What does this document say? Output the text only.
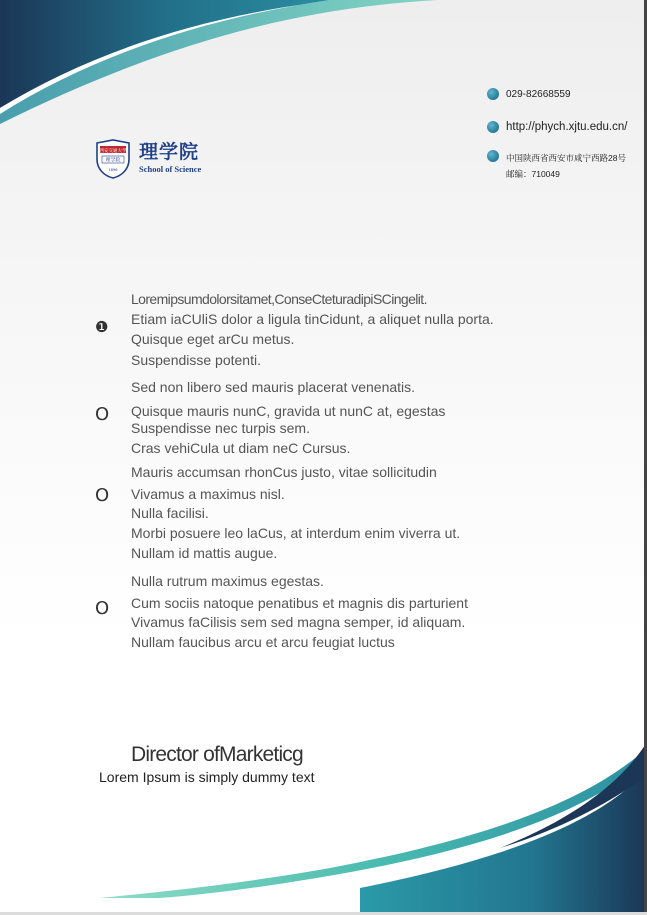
西安交通大学
理学院
1896
理学院
School of Science
029-82668559
http://phych.xjtu.edu.cn/
中国陕西省西安市咸宁西路28号
邮编：710049
❶
Loremipsumdolorsitamet,ConseCteturadipiSCingelit.
Etiam iaCUliS dolor a ligula tinCidunt, a aliquet nulla porta.
Quisque eget arCu metus.
Suspendisse potenti.
O
Sed non libero sed mauris placerat venenatis.
Quisque mauris nunC, gravida ut nunC at, egestas
Suspendisse nec turpis sem.
Cras vehiCula ut diam neC Cursus.
O
Mauris accumsan rhonCus justo, vitae sollicitudin
Vivamus a maximus nisl.
Nulla facilisi.
Morbi posuere leo laCus, at interdum enim viverra ut.
Nullam id mattis augue.
O
Nulla rutrum maximus egestas.
Cum sociis natoque penatibus et magnis dis parturient
Vivamus faCilisis sem sed magna semper, id aliquam.
Nullam faucibus arcu et arcu feugiat luctus
Director ofMarketicg
Lorem Ipsum is simply dummy text
